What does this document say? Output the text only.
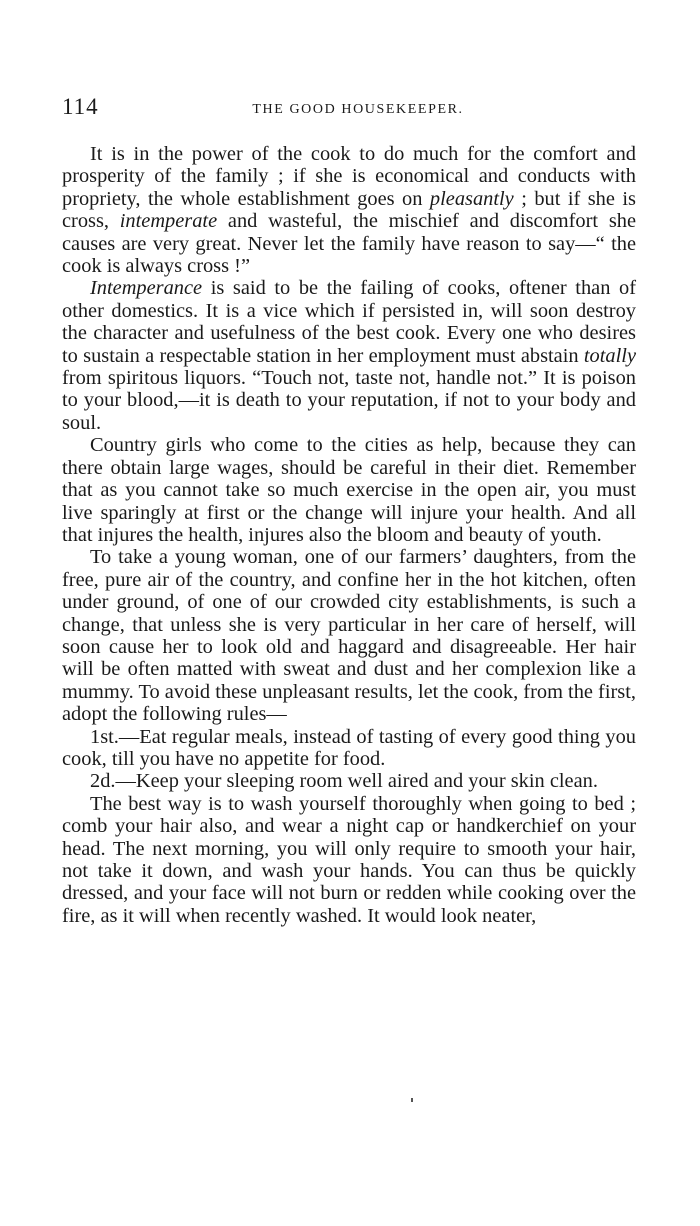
114	THE GOOD HOUSEKEEPER.

It is in the power of the cook to do much for the comfort and prosperity of the family ; if she is economical and conducts with propriety, the whole establishment goes on pleasantly ; but if she is cross, intemperate and wasteful, the mischief and discomfort she causes are very great. Never let the family have reason to say—“ the cook is always cross !”

Intemperance is said to be the failing of cooks, oftener than of other domestics. It is a vice which if persisted in, will soon destroy the character and usefulness of the best cook. Every one who desires to sustain a respectable station in her employment must abstain totally from spiritous liquors. “Touch not, taste not, handle not.” It is poison to your blood,—it is death to your reputation, if not to your body and soul.

Country girls who come to the cities as help, because they can there obtain large wages, should be careful in their diet. Remember that as you cannot take so much exercise in the open air, you must live sparingly at first or the change will injure your health. And all that injures the health, injures also the bloom and beauty of youth.

To take a young woman, one of our farmers’ daughters, from the free, pure air of the country, and confine her in the hot kitchen, often under ground, of one of our crowded city establishments, is such a change, that unless she is very particular in her care of herself, will soon cause her to look old and haggard and disagreeable. Her hair will be often matted with sweat and dust and her complexion like a mummy. To avoid these unpleasant results, let the cook, from the first, adopt the following rules—

1st.—Eat regular meals, instead of tasting of every good thing you cook, till you have no appetite for food.

2d.—Keep your sleeping room well aired and your skin clean.

The best way is to wash yourself thoroughly when going to bed ; comb your hair also, and wear a night cap or handkerchief on your head. The next morning, you will only require to smooth your hair, not take it down, and wash your hands. You can thus be quickly dressed, and your face will not burn or redden while cooking over the fire, as it will when recently washed. It would look neater,
